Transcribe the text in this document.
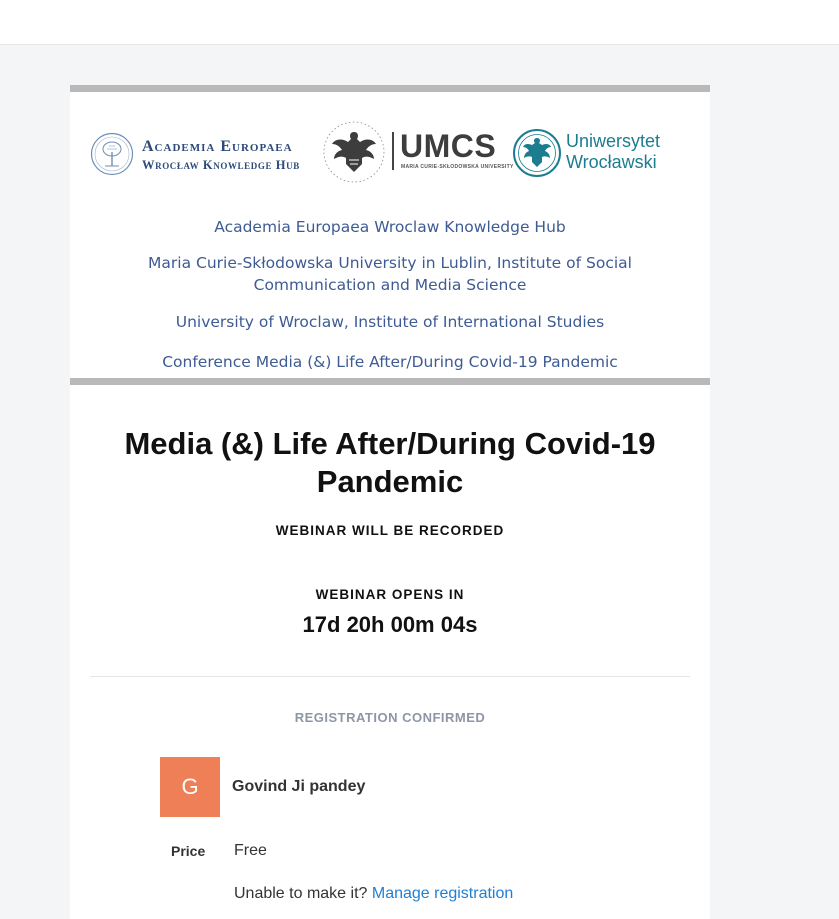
Academia Europaea
Wrocław Knowledge Hub
UMCS
MARIA CURIE-SKŁODOWSKA UNIVERSITY
Uniwersytet
Wrocławski
Academia Europaea Wroclaw Knowledge Hub
Maria Curie-Skłodowska University in Lublin, Institute of Social Communication and Media Science
University of Wroclaw, Institute of International Studies
Conference Media (&) Life After/During Covid-19 Pandemic
Media (&) Life After/During Covid-19 Pandemic
WEBINAR WILL BE RECORDED
WEBINAR OPENS IN
17d 20h 00m 04s
REGISTRATION CONFIRMED
G	Govind Ji pandey
Price Free
Unable to make it? Manage registration
